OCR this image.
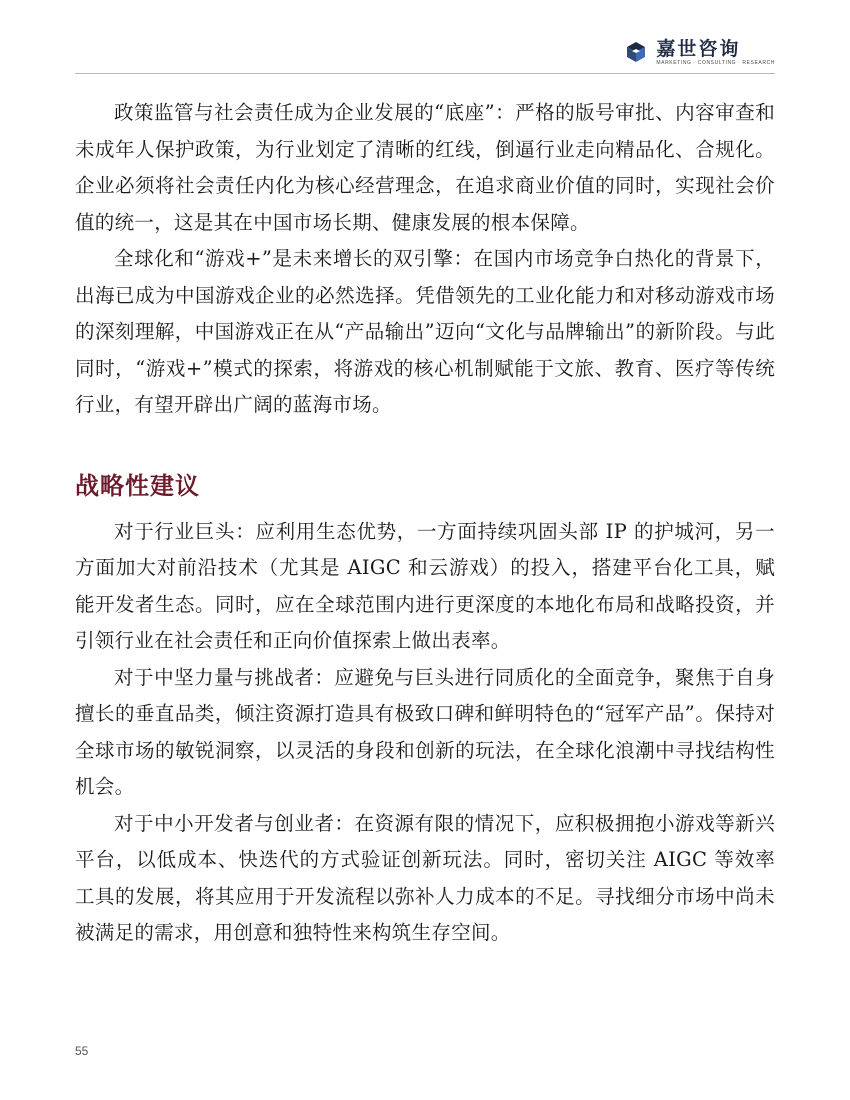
嘉世咨询
MARKETING · CONSULTING · RESEARCH

政策监管与社会责任成为企业发展的“底座”：严格的版号审批、内容审查和未成年人保护政策，为行业划定了清晰的红线，倒逼行业走向精品化、合规化。企业必须将社会责任内化为核心经营理念，在追求商业价值的同时，实现社会价值的统一，这是其在中国市场长期、健康发展的根本保障。

全球化和“游戏+”是未来增长的双引擎：在国内市场竞争白热化的背景下，出海已成为中国游戏企业的必然选择。凭借领先的工业化能力和对移动游戏市场的深刻理解，中国游戏正在从“产品输出”迈向“文化与品牌输出”的新阶段。与此同时，“游戏+”模式的探索，将游戏的核心机制赋能于文旅、教育、医疗等传统行业，有望开辟出广阔的蓝海市场。

战略性建议

对于行业巨头：应利用生态优势，一方面持续巩固头部 IP 的护城河，另一方面加大对前沿技术（尤其是 AIGC 和云游戏）的投入，搭建平台化工具，赋能开发者生态。同时，应在全球范围内进行更深度的本地化布局和战略投资，并引领行业在社会责任和正向价值探索上做出表率。

对于中坚力量与挑战者：应避免与巨头进行同质化的全面竞争，聚焦于自身擅长的垂直品类，倾注资源打造具有极致口碑和鲜明特色的“冠军产品”。保持对全球市场的敏锐洞察，以灵活的身段和创新的玩法，在全球化浪潮中寻找结构性机会。

对于中小开发者与创业者：在资源有限的情况下，应积极拥抱小游戏等新兴平台，以低成本、快迭代的方式验证创新玩法。同时，密切关注 AIGC 等效率工具的发展，将其应用于开发流程以弥补人力成本的不足。寻找细分市场中尚未被满足的需求，用创意和独特性来构筑生存空间。

55
